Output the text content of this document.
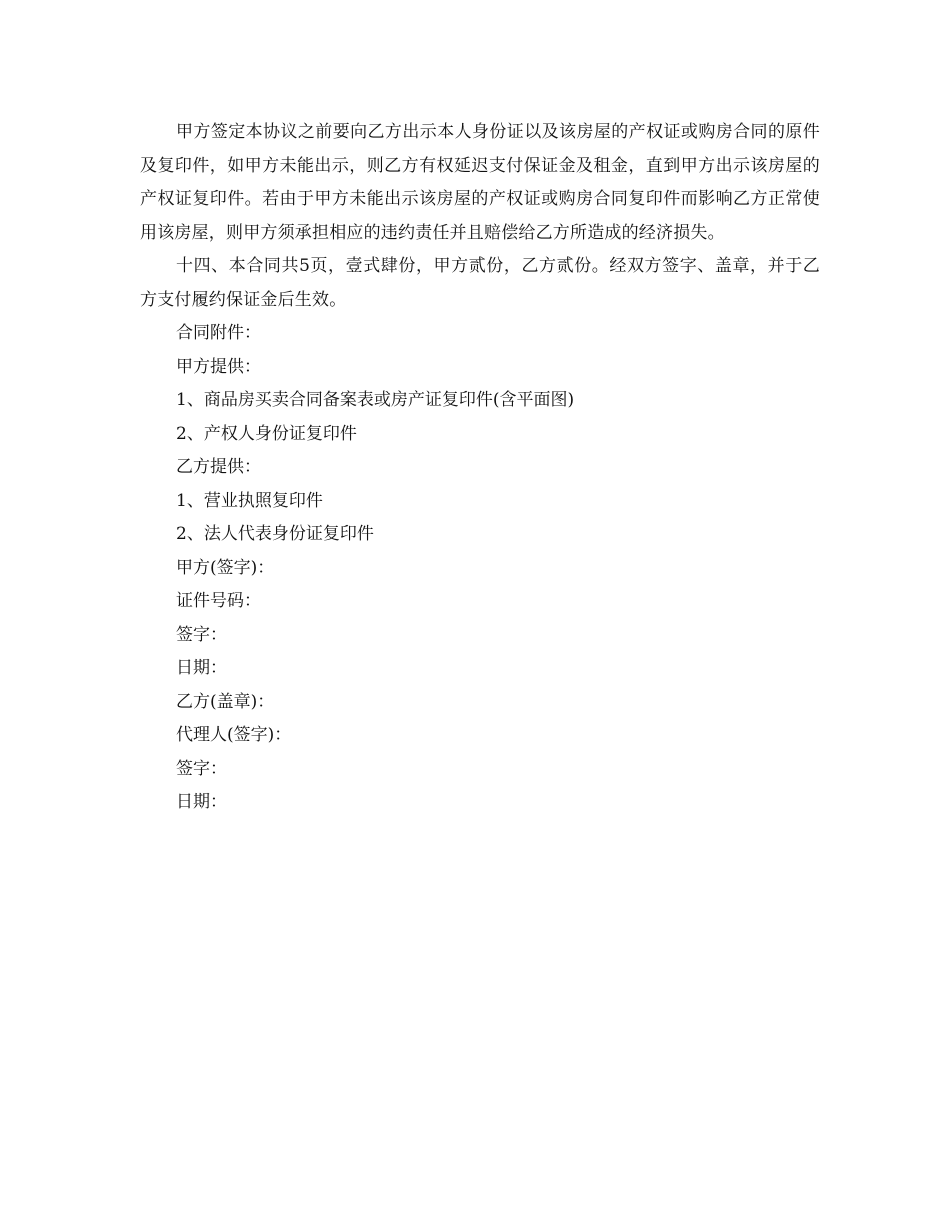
甲方签定本协议之前要向乙方出示本人身份证以及该房屋的产权证或购房合同的原件及复印件，如甲方未能出示，则乙方有权延迟支付保证金及租金，直到甲方出示该房屋的产权证复印件。若由于甲方未能出示该房屋的产权证或购房合同复印件而影响乙方正常使用该房屋，则甲方须承担相应的违约责任并且赔偿给乙方所造成的经济损失。

十四、本合同共5页，壹式肆份，甲方贰份，乙方贰份。经双方签字、盖章，并于乙方支付履约保证金后生效。

合同附件：

甲方提供：

1、商品房买卖合同备案表或房产证复印件(含平面图)

2、产权人身份证复印件

乙方提供：

1、营业执照复印件

2、法人代表身份证复印件

甲方(签字)：

证件号码：

签字：

日期：

乙方(盖章)：

代理人(签字)：

签字：

日期：
